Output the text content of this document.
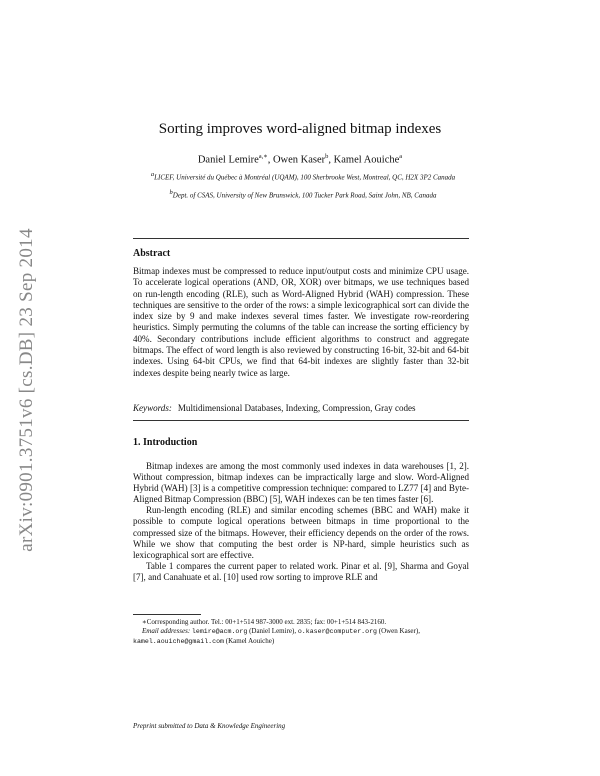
arXiv:0901.3751v6 [cs.DB] 23 Sep 2014
Sorting improves word-aligned bitmap indexes
Daniel Lemire$^{a,∗}$, Owen Kaser$^b$, Kamel Aouiche$^a$
$^a$LICEF, Université du Québec à Montréal (UQAM), 100 Sherbrooke West, Montreal, QC, H2X 3P2 Canada
$^b$Dept. of CSAS, University of New Brunswick, 100 Tucker Park Road, Saint John, NB, Canada
Abstract
Bitmap indexes must be compressed to reduce input/output costs and minimize CPU usage. To accelerate logical operations (AND, OR, XOR) over bitmaps, we use techniques based on run-length encoding (RLE), such as Word-Aligned Hybrid (WAH) compression. These techniques are sensitive to the order of the rows: a simple lexicographical sort can divide the index size by 9 and make indexes several times faster. We investigate row-reordering heuristics. Simply permuting the columns of the table can increase the sorting efficiency by 40%. Secondary contributions include efficient algorithms to construct and aggregate bitmaps. The effect of word length is also reviewed by constructing 16-bit, 32-bit and 64-bit indexes. Using 64-bit CPUs, we find that 64-bit indexes are slightly faster than 32-bit indexes despite being nearly twice as large.
Keywords: Multidimensional Databases, Indexing, Compression, Gray codes
1. Introduction

Bitmap indexes are among the most commonly used indexes in data warehouses [1, 2]. Without compression, bitmap indexes can be impractically large and slow. Word-Aligned Hybrid (WAH) [3] is a competitive compression technique: compared to LZ77 [4] and Byte-Aligned Bitmap Compression (BBC) [5], WAH indexes can be ten times faster [6].

Run-length encoding (RLE) and similar encoding schemes (BBC and WAH) make it possible to compute logical operations between bitmaps in time proportional to the compressed size of the bitmaps. However, their efficiency depends on the order of the rows. While we show that computing the best order is NP-hard, simple heuristics such as lexicographical sort are effective.

Table 1 compares the current paper to related work. Pinar et al. [9], Sharma and Goyal [7], and Canahuate et al. [10] used row sorting to improve RLE and

∗Corresponding author. Tel.: 00+1+514 987-3000 ext. 2835; fax: 00+1+514 843-2160.

Email addresses: lemire@acm.org (Daniel Lemire), o.kaser@computer.org (Owen Kaser), kamel.aouiche@gmail.com (Kamel Aouiche)

Preprint submitted to Data & Knowledge Engineering
